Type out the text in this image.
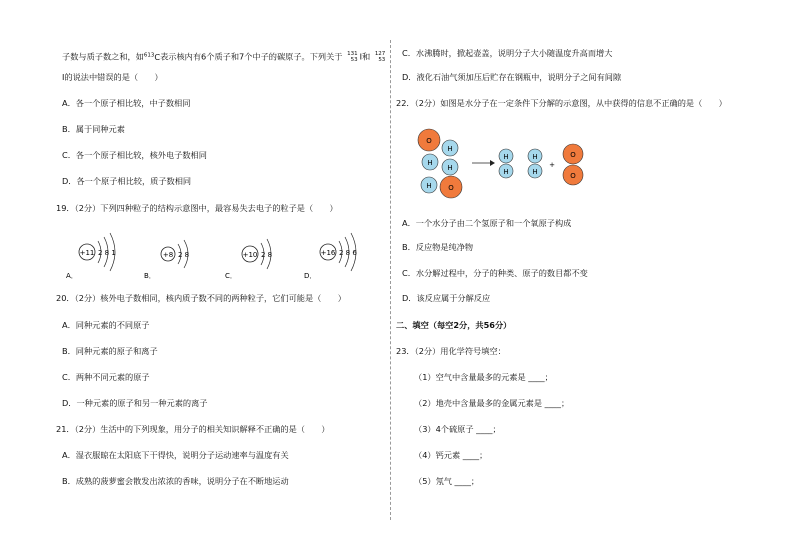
子数与质子数之和，如$^{613}$C表示核内有6个质子和7个中子的碳原子。下列关于 131
53 I和 127
53
I的说法中错误的是（　　）
A．各一个原子相比较，中子数相同
B．属于同种元素
C．各一个原子相比较，核外电子数相同
D．各一个原子相比较，质子数相同
19．（2分）下列四种粒子的结构示意图中，最容易失去电子的粒子是（　　）
+11 2 8 1
A．
+8 2 8
B．
+10 2 8
C．
+16 2 8 6
D．
20．（2分）核外电子数相同，核内质子数不同的两种粒子，它们可能是（　　）
A．同种元素的不同原子
B．同种元素的原子和离子
C．两种不同元素的原子
D．一种元素的原子和另一种元素的离子
21．（2分）生活中的下列现象，用分子的相关知识解释不正确的是（　　）
A．湿衣服晾在太阳底下干得快，说明分子运动速率与温度有关
B．成熟的菠萝蜜会散发出浓浓的香味，说明分子在不断地运动
C．水沸腾时，掀起壶盖，说明分子大小随温度升高而增大
D．液化石油气须加压后贮存在钢瓶中，说明分子之间有间隙
22．（2分）如图是水分子在一定条件下分解的示意图，从中获得的信息不正确的是（　　）
O
H
H
H
H O
H
H
H
H
+
O
O
A．一个水分子由二个氢原子和一个氧原子构成
B．反应物是纯净物
C．水分解过程中，分子的种类、原子的数目都不变
D．该反应属于分解反应
二、填空（每空2分，共56分）
23．（2分）用化学符号填空：
（1）空气中含量最多的元素是 ____；
（2）地壳中含量最多的金属元素是 ____；
（3）4个硫原子 ____；
（4）钙元素 ____；
（5）氖气 ____；
